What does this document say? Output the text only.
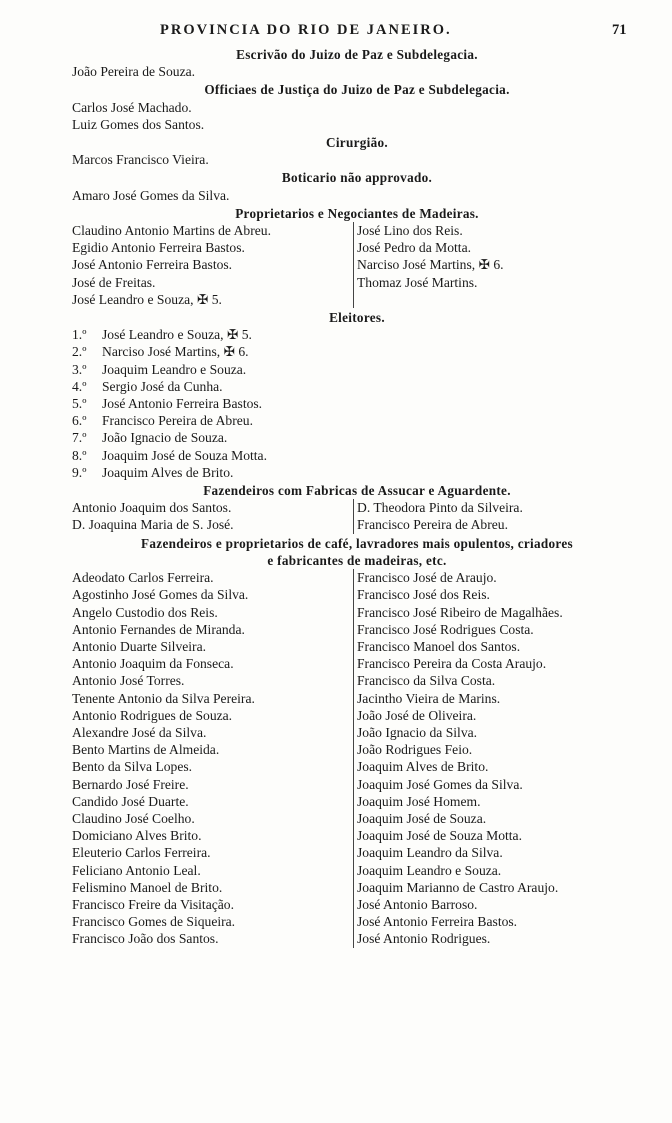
PROVINCIA DO RIO DE JANEIRO.	71
Escrivão do Juizo de Paz e Subdelegacia.
João Pereira de Souza.
Officiaes de Justiça do Juizo de Paz e Subdelegacia.
Carlos José Machado.
Luiz Gomes dos Santos.
Cirurgião.
Marcos Francisco Vieira.
Boticario não approvado.
Amaro José Gomes da Silva.
Proprietarios e Negociantes de Madeiras.
Claudino Antonio Martins de Abreu.
Egidio Antonio Ferreira Bastos.
José Antonio Ferreira Bastos.
José de Freitas.
José Leandro e Souza, ✠ 5.
José Lino dos Reis.
José Pedro da Motta.
Narciso José Martins, ✠ 6.
Thomaz José Martins.
Eleitores.
1.º José Leandro e Souza, ✠ 5.
2.º Narciso José Martins, ✠ 6.
3.º Joaquim Leandro e Souza.
4.º Sergio José da Cunha.
5.º José Antonio Ferreira Bastos.
6.º Francisco Pereira de Abreu.
7.º João Ignacio de Souza.
8.º Joaquim José de Souza Motta.
9.º Joaquim Alves de Brito.
Fazendeiros com Fabricas de Assucar e Aguardente.
Antonio Joaquim dos Santos.
D. Joaquina Maria de S. José.
D. Theodora Pinto da Silveira.
Francisco Pereira de Abreu.
Fazendeiros e proprietarios de café, lavradores mais opulentos, criadores
e fabricantes de madeiras, etc.
Adeodato Carlos Ferreira.
Agostinho José Gomes da Silva.
Angelo Custodio dos Reis.
Antonio Fernandes de Miranda.
Antonio Duarte Silveira.
Antonio Joaquim da Fonseca.
Antonio José Torres.
Tenente Antonio da Silva Pereira.
Antonio Rodrigues de Souza.
Alexandre José da Silva.
Bento Martins de Almeida.
Bento da Silva Lopes.
Bernardo José Freire.
Candido José Duarte.
Claudino José Coelho.
Domiciano Alves Brito.
Eleuterio Carlos Ferreira.
Feliciano Antonio Leal.
Felismino Manoel de Brito.
Francisco Freire da Visitação.
Francisco Gomes de Siqueira.
Francisco João dos Santos.
Francisco José de Araujo.
Francisco José dos Reis.
Francisco José Ribeiro de Magalhães.
Francisco José Rodrigues Costa.
Francisco Manoel dos Santos.
Francisco Pereira da Costa Araujo.
Francisco da Silva Costa.
Jacintho Vieira de Marins.
João José de Oliveira.
João Ignacio da Silva.
João Rodrigues Feio.
Joaquim Alves de Brito.
Joaquim José Gomes da Silva.
Joaquim José Homem.
Joaquim José de Souza.
Joaquim José de Souza Motta.
Joaquim Leandro da Silva.
Joaquim Leandro e Souza.
Joaquim Marianno de Castro Araujo.
José Antonio Barroso.
José Antonio Ferreira Bastos.
José Antonio Rodrigues.
